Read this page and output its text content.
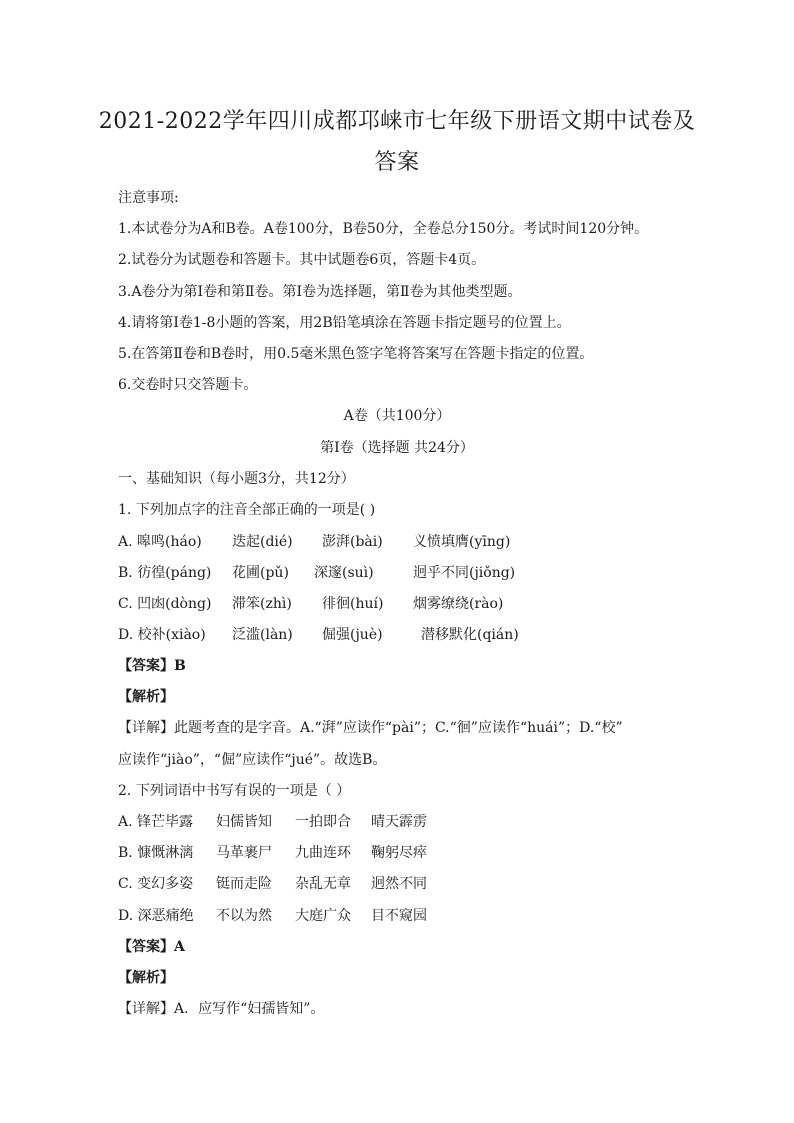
2021-2022学年四川成都邛崃市七年级下册语文期中试卷及
答案
注意事项:
1.本试卷分为A和B卷。A卷100分，B卷50分，全卷总分150分。考试时间120分钟。
2.试卷分为试题卷和答题卡。其中试题卷6页，答题卡4页。
3.A卷分为第Ⅰ卷和第Ⅱ卷。第Ⅰ卷为选择题，第Ⅱ卷为其他类型题。
4.请将第Ⅰ卷1-8小题的答案，用2B铅笔填涂在答题卡指定题号的位置上。
5.在答第Ⅱ卷和B卷时，用0.5毫米黑色签字笔将答案写在答题卡指定的位置。
6.交卷时只交答题卡。
A卷（共100分）
第Ⅰ卷（选择题 共24分）
一、基础知识（每小题3分，共12分）
1. 下列加点字的注音全部正确的一项是( )
A. 嗥鸣(háo) 迭起(dié) 澎湃(bài) 义愤填膺(yīng)
B. 彷徨(páng) 花圃(pǔ) 深邃(suì)	迥乎不同(jiǒng)
C. 凹凼(dòng) 滞笨(zhì) 徘徊(huí) 烟雾缭绕(rào)
D. 校补(xiào) 泛滥(làn) 倔强(juè)	潜移默化(qián)
【答案】B
【解析】
【详解】此题考查的是字音。A.“湃”应读作“pài”；C.“徊”应读作“huái”；D.“校”
应读作“jiào”，“倔”应读作“jué”。故选B。
2. 下列词语中书写有误的一项是（ ）
A. 锋芒毕露 妇儒皆知 一拍即合 晴天霹雳
B. 慷慨淋漓 马革裹尸 九曲连环 鞠躬尽瘁
C. 变幻多姿 铤而走险 杂乱无章 迥然不同
D. 深恶痛绝 不以为然 大庭广众 目不窥园
【答案】A
【解析】
【详解】A．应写作“妇孺皆知”。
